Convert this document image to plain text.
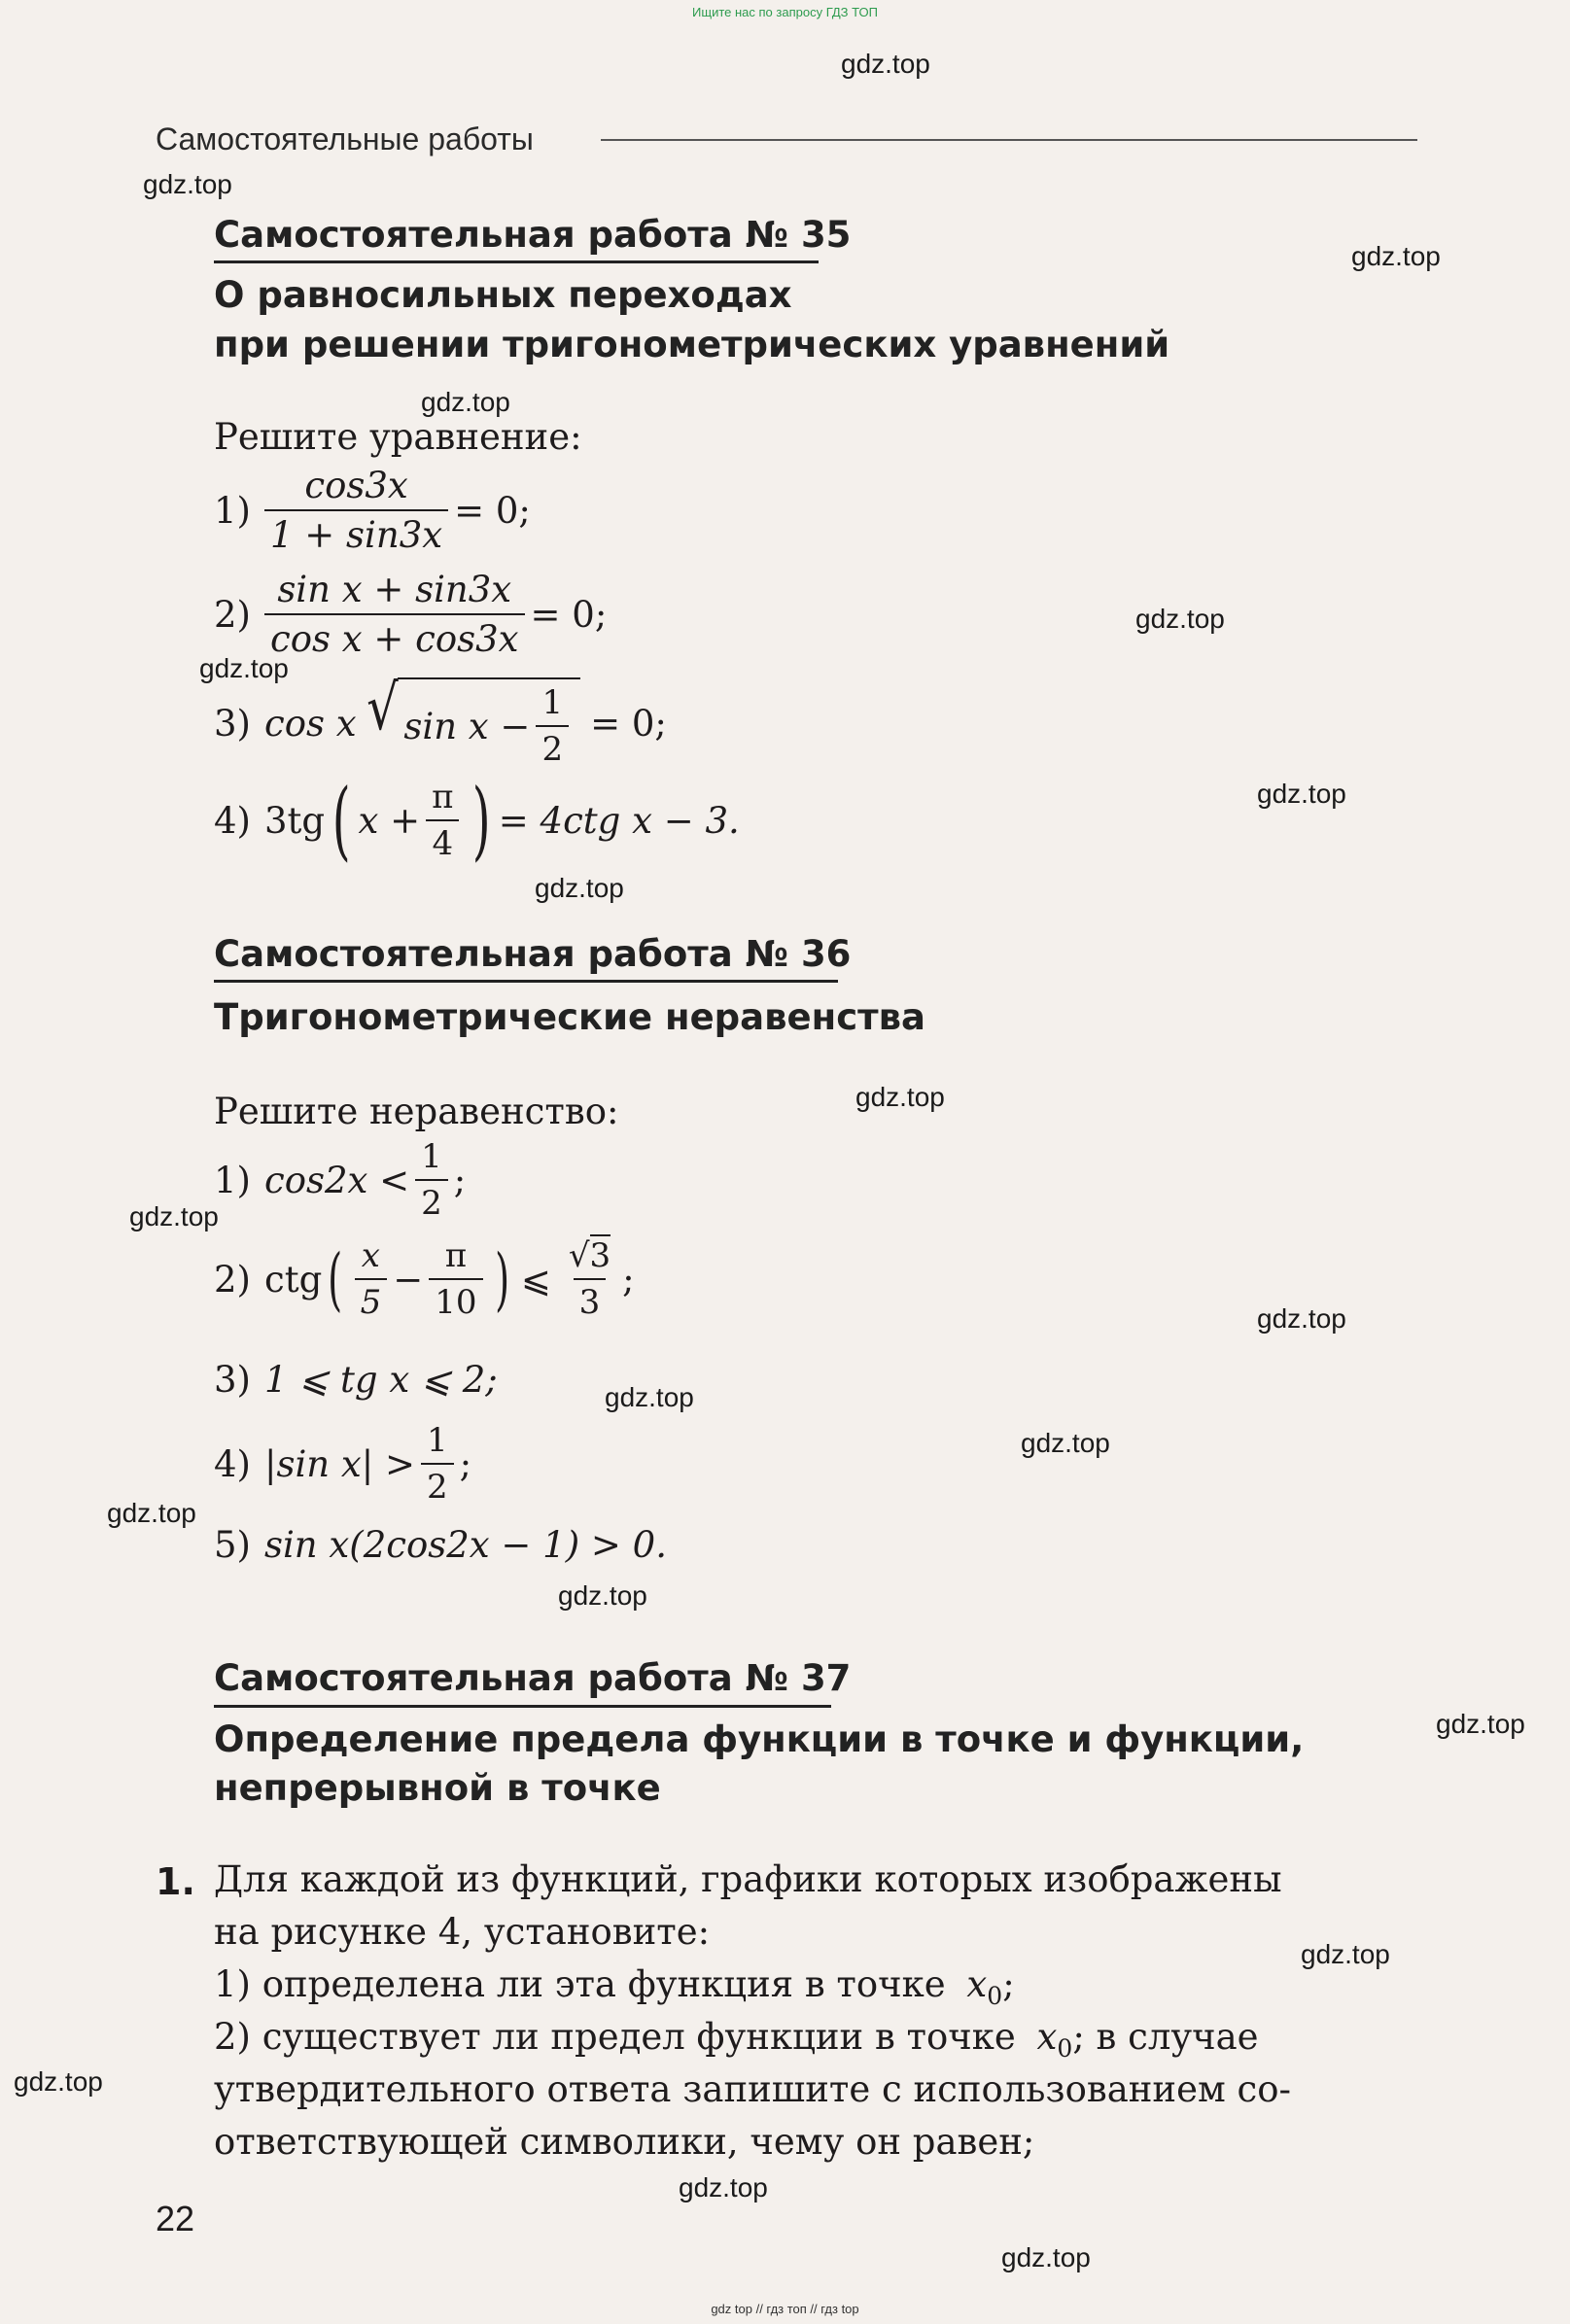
Ищите нас по запросу ГДЗ ТОП
Самостоятельные работы
gdz.top
gdz.top
gdz.top
gdz.top
gdz.top
gdz.top
gdz.top
gdz.top
gdz.top
gdz.top
gdz.top
gdz.top
gdz.top
gdz.top
gdz.top
gdz.top
gdz.top
gdz.top
gdz.top
gdz.top
Самостоятельная работа № 35
О равносильных переходах
при решении тригонометрических уравнений
Решите уравнение:
$1) \frac{\cos 3x}{1 + \sin 3x} = 0$;
$2) \frac{\text{sin x + sin3x}}{\text{cos x + cos3x}} = 0$;
3) cos x √ $\sin x - \frac{1}{2} = 0$;
4) 3tg ( $x + \frac{\pi}{4}$ ) = 4ctg x − 3.
Самостоятельная работа № 36
Тригонометрические неравенства
Решите неравенство:
1) $\cos 2x < \frac{1}{2}$ ;
2) ctg ( $\frac{x}{5} - \frac{\pi}{10}$ ) ⩽ $\frac{√3}{3}$ ;
3) 1 ⩽ tg x ⩽ 2;
4) |sin $x| > \frac{1}{2}$ ;
5) sin x(2cos2x − 1) > 0.
Самостоятельная работа № 37
Определение предела функции в точке и функции,
непрерывной в точке
1. Для каждой из функций, графики которых изображены
на рисунке 4, установите:
1) определена ли эта функция в точке $x_0$;
2) существует ли предел функции в точке $x_0$; в случае
утвердительного ответа запишите с использованием со-
ответствующей символики, чему он равен;
22
gdz top // гдз топ // гдз top
